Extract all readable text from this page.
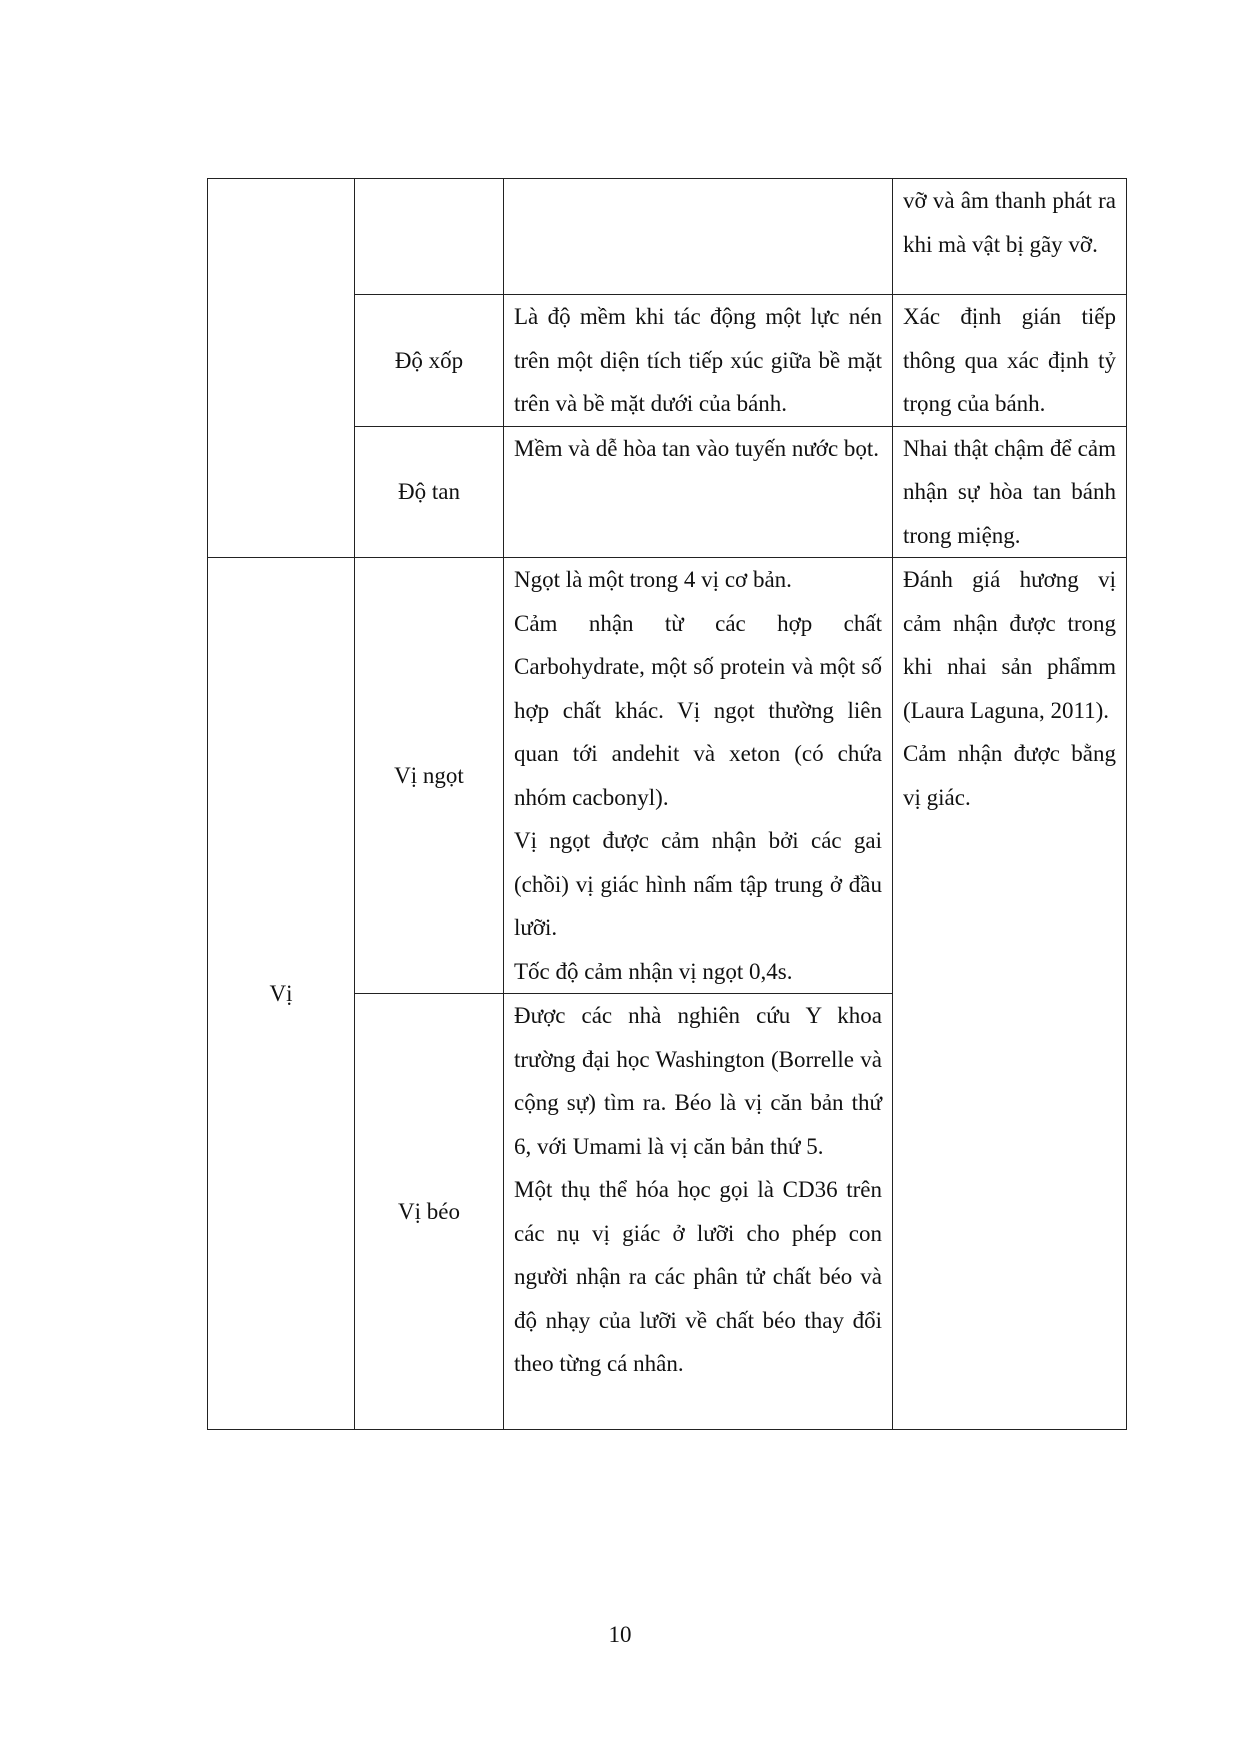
			vỡ và âm thanh phát ra khi mà vật bị gãy vỡ.

	Độ xốp	Là độ mềm khi tác động một lực nén trên một diện tích tiếp xúc giữa bề mặt trên và bề mặt dưới của bánh.	Xác định gián tiếp thông qua xác định tỷ trọng của bánh.

	Độ tan	Mềm và dễ hòa tan vào tuyến nước bọt.	Nhai thật chậm để cảm nhận sự hòa tan bánh trong miệng.

Vị	Vị ngọt	Ngọt là một trong 4 vị cơ bản.
Cảm nhận từ các hợp chất Carbohydrate, một số protein và một số hợp chất khác. Vị ngọt thường liên quan tới andehit và xeton (có chứa nhóm cacbonyl).
Vị ngọt được cảm nhận bởi các gai (chồi) vị giác hình nấm tập trung ở đầu lưỡi.
Tốc độ cảm nhận vị ngọt 0,4s.	Đánh giá hương vị cảm nhận được trong khi nhai sản phẩmm (Laura Laguna, 2011).
Cảm nhận được bằng vị giác.

	Vị béo	Được các nhà nghiên cứu Y khoa trường đại học Washington (Borrelle và cộng sự) tìm ra. Béo là vị căn bản thứ 6, với Umami là vị căn bản thứ 5.
Một thụ thể hóa học gọi là CD36 trên các nụ vị giác ở lưỡi cho phép con người nhận ra các phân tử chất béo và độ nhạy của lưỡi về chất béo thay đổi theo từng cá nhân.	
10
